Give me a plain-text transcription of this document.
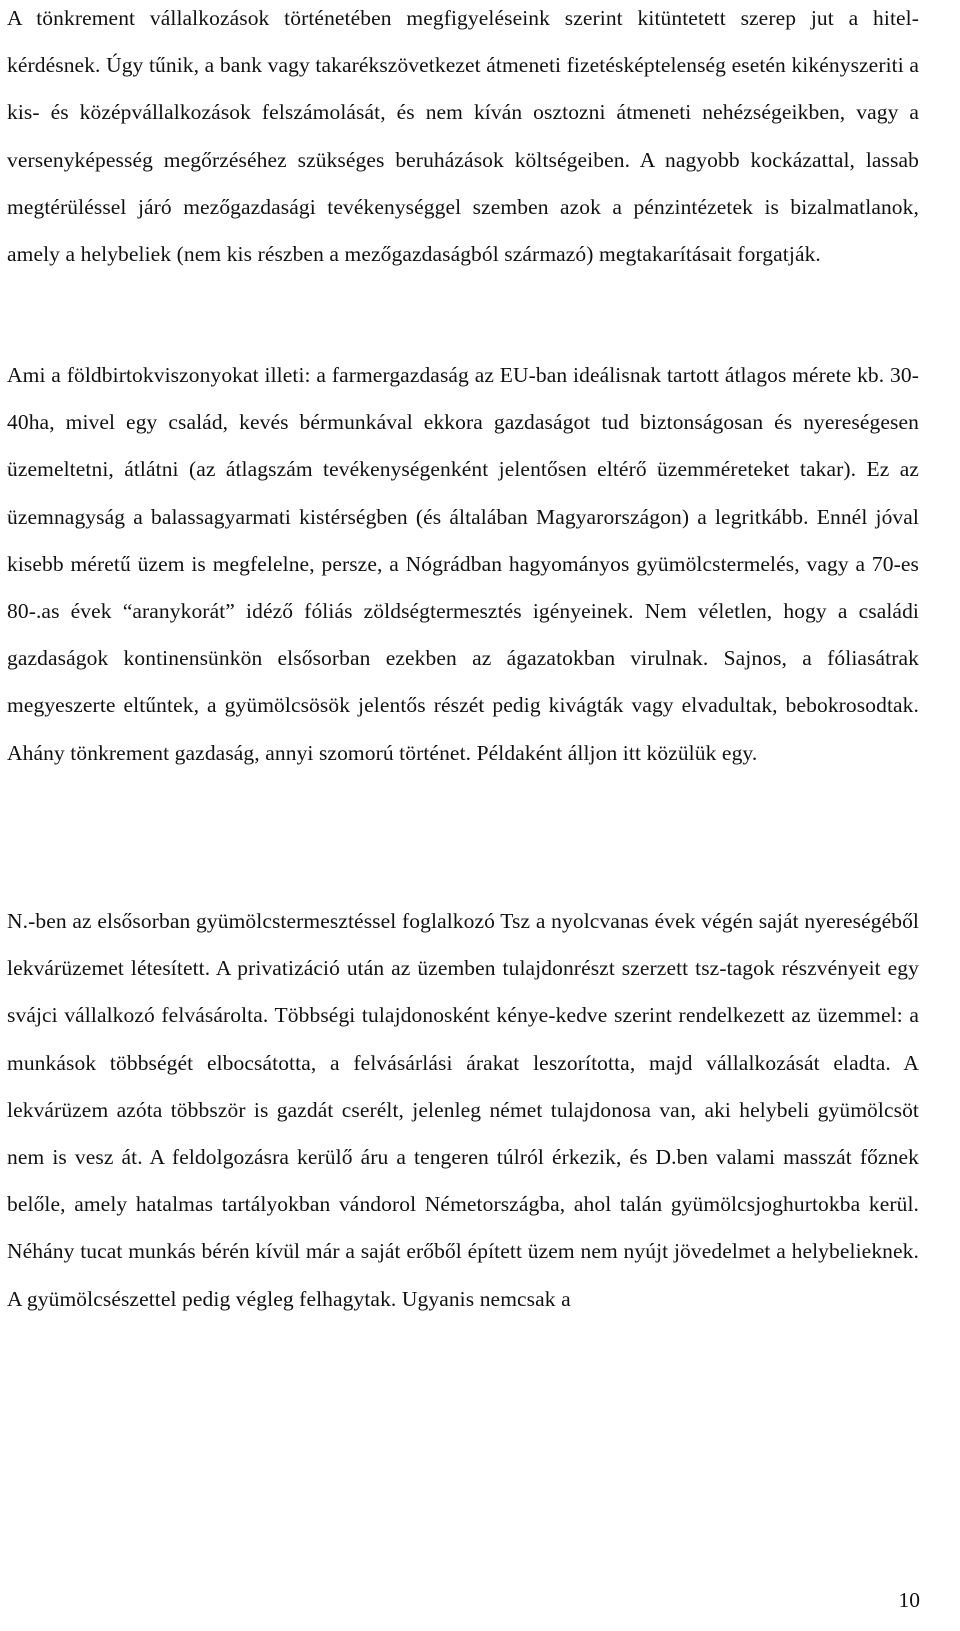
A tönkrement vállalkozások történetében megfigyeléseink szerint kitüntetett szerep jut a hitel-kérdésnek. Úgy tűnik, a bank vagy takarékszövetkezet átmeneti fizetésképtelenség esetén kikényszeriti a kis- és középvállalkozások felszámolását, és nem kíván osztozni átmeneti nehézségeikben, vagy a versenyképesség megőrzéséhez szükséges beruházások költségeiben. A nagyobb kockázattal, lassab megtérüléssel járó mezőgazdasági tevékenységgel szemben azok a pénzintézetek is bizalmatlanok, amely a helybeliek (nem kis részben a mezőgazdaságból származó) megtakarításait forgatják.

Ami a földbirtokviszonyokat illeti: a farmergazdaság az EU-ban ideálisnak tartott átlagos mérete kb. 30-40ha, mivel egy család, kevés bérmunkával ekkora gazdaságot tud biztonságosan és nyereségesen üzemeltetni, átlátni (az átlagszám tevékenységenként jelentősen eltérő üzemméreteket takar). Ez az üzemnagyság a balassagyarmati kistérségben (és általában Magyarországon) a legritkább. Ennél jóval kisebb méretű üzem is megfelelne, persze, a Nógrádban hagyományos gyümölcstermelés, vagy a 70-es 80-.as évek “aranykorát” idéző fóliás zöldségtermesztés igényeinek. Nem véletlen, hogy a családi gazdaságok kontinensünkön elsősorban ezekben az ágazatokban virulnak. Sajnos, a fóliasátrak megyeszerte eltűntek, a gyümölcsösök jelentős részét pedig kivágták vagy elvadultak, bebokrosodtak. Ahány tönkrement gazdaság, annyi szomorú történet. Példaként álljon itt közülük egy.

N.-ben az elsősorban gyümölcstermesztéssel foglalkozó Tsz a nyolcvanas évek végén saját nyereségéből lekvárüzemet létesített. A privatizáció után az üzemben tulajdonrészt szerzett tsz-tagok részvényeit egy svájci vállalkozó felvásárolta. Többségi tulajdonosként kénye-kedve szerint rendelkezett az üzemmel: a munkások többségét elbocsátotta, a felvásárlási árakat leszorította, majd vállalkozását eladta. A lekvárüzem azóta többször is gazdát cserélt, jelenleg német tulajdonosa van, aki helybeli gyümölcsöt nem is vesz át. A feldolgozásra kerülő áru a tengeren túlról érkezik, és D.ben valami masszát főznek belőle, amely hatalmas tartályokban vándorol Németországba, ahol talán gyümölcsjoghurtokba kerül. Néhány tucat munkás bérén kívül már a saját erőből épített üzem nem nyújt jövedelmet a helybelieknek. A gyümölcsészettel pedig végleg felhagytak. Ugyanis nemcsak a

10
